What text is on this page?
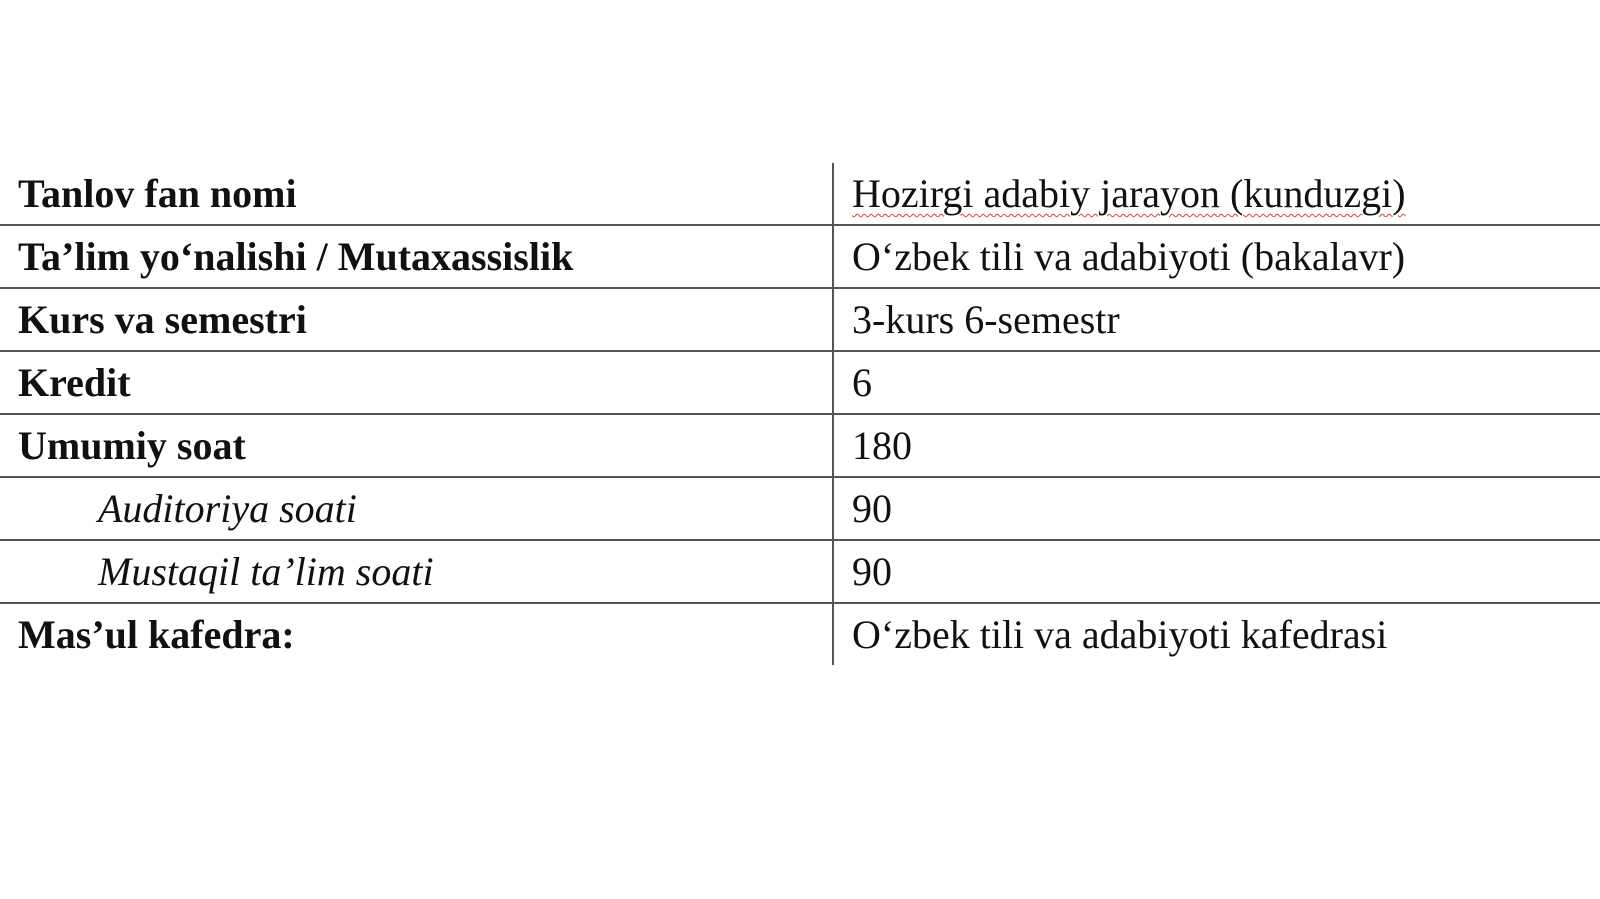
Tanlov fan nomi	Hozirgi adabiy jarayon (kunduzgi)
Ta’lim yo‘nalishi / Mutaxassislik	O‘zbek tili va adabiyoti (bakalavr)
Kurs va semestri	3-kurs 6-semestr
Kredit	6
Umumiy soat	180
Auditoriya soati	90
Mustaqil ta’lim soati	90
Mas’ul kafedra:	O‘zbek tili va adabiyoti kafedrasi
